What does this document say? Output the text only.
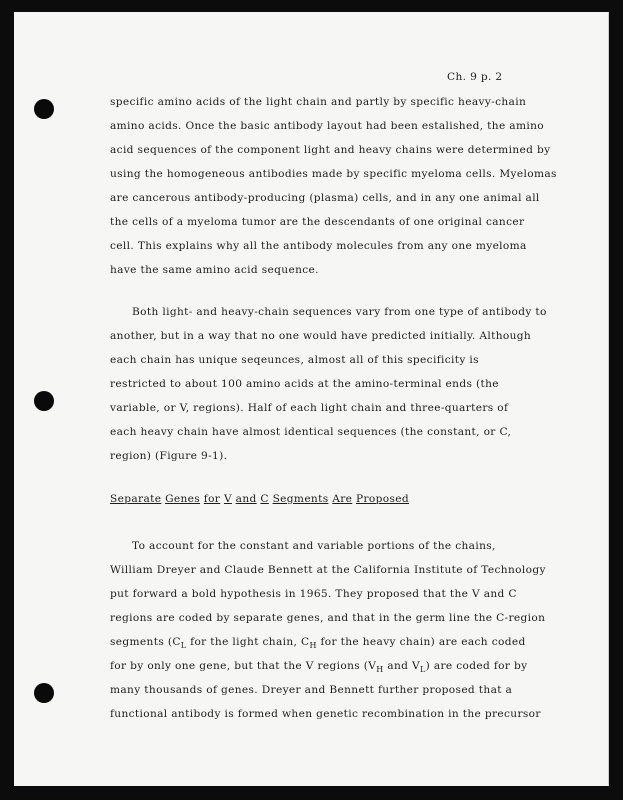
Ch. 9 p. 2
specific amino acids of the light chain and partly by specific heavy-chain
amino acids. Once the basic antibody layout had been estalished, the amino
acid sequences of the component light and heavy chains were determined by
using the homogeneous antibodies made by specific myeloma cells. Myelomas
are cancerous antibody-producing (plasma) cells, and in any one animal all
the cells of a myeloma tumor are the descendants of one original cancer
cell. This explains why all the antibody molecules from any one myeloma
have the same amino acid sequence.
Both light- and heavy-chain sequences vary from one type of antibody to
another, but in a way that no one would have predicted initially. Although
each chain has unique seqeunces, almost all of this specificity is
restricted to about 100 amino acids at the amino-terminal ends (the
variable, or V, regions). Half of each light chain and three-quarters of
each heavy chain have almost identical sequences (the constant, or C,
region) (Figure 9-1).
Separate Genes for V and C Segments Are Proposed
To account for the constant and variable portions of the chains,
William Dreyer and Claude Bennett at the California Institute of Technology
put forward a bold hypothesis in 1965. They proposed that the V and C
regions are coded by separate genes, and that in the germ line the C-region
segments ($C_L$ for the light chain, $C_H$ for the heavy chain) are each coded
for by only one gene, but that the V regions ($V_H$ and $V_L$) are coded for by
many thousands of genes. Dreyer and Bennett further proposed that a
functional antibody is formed when genetic recombination in the precursor
